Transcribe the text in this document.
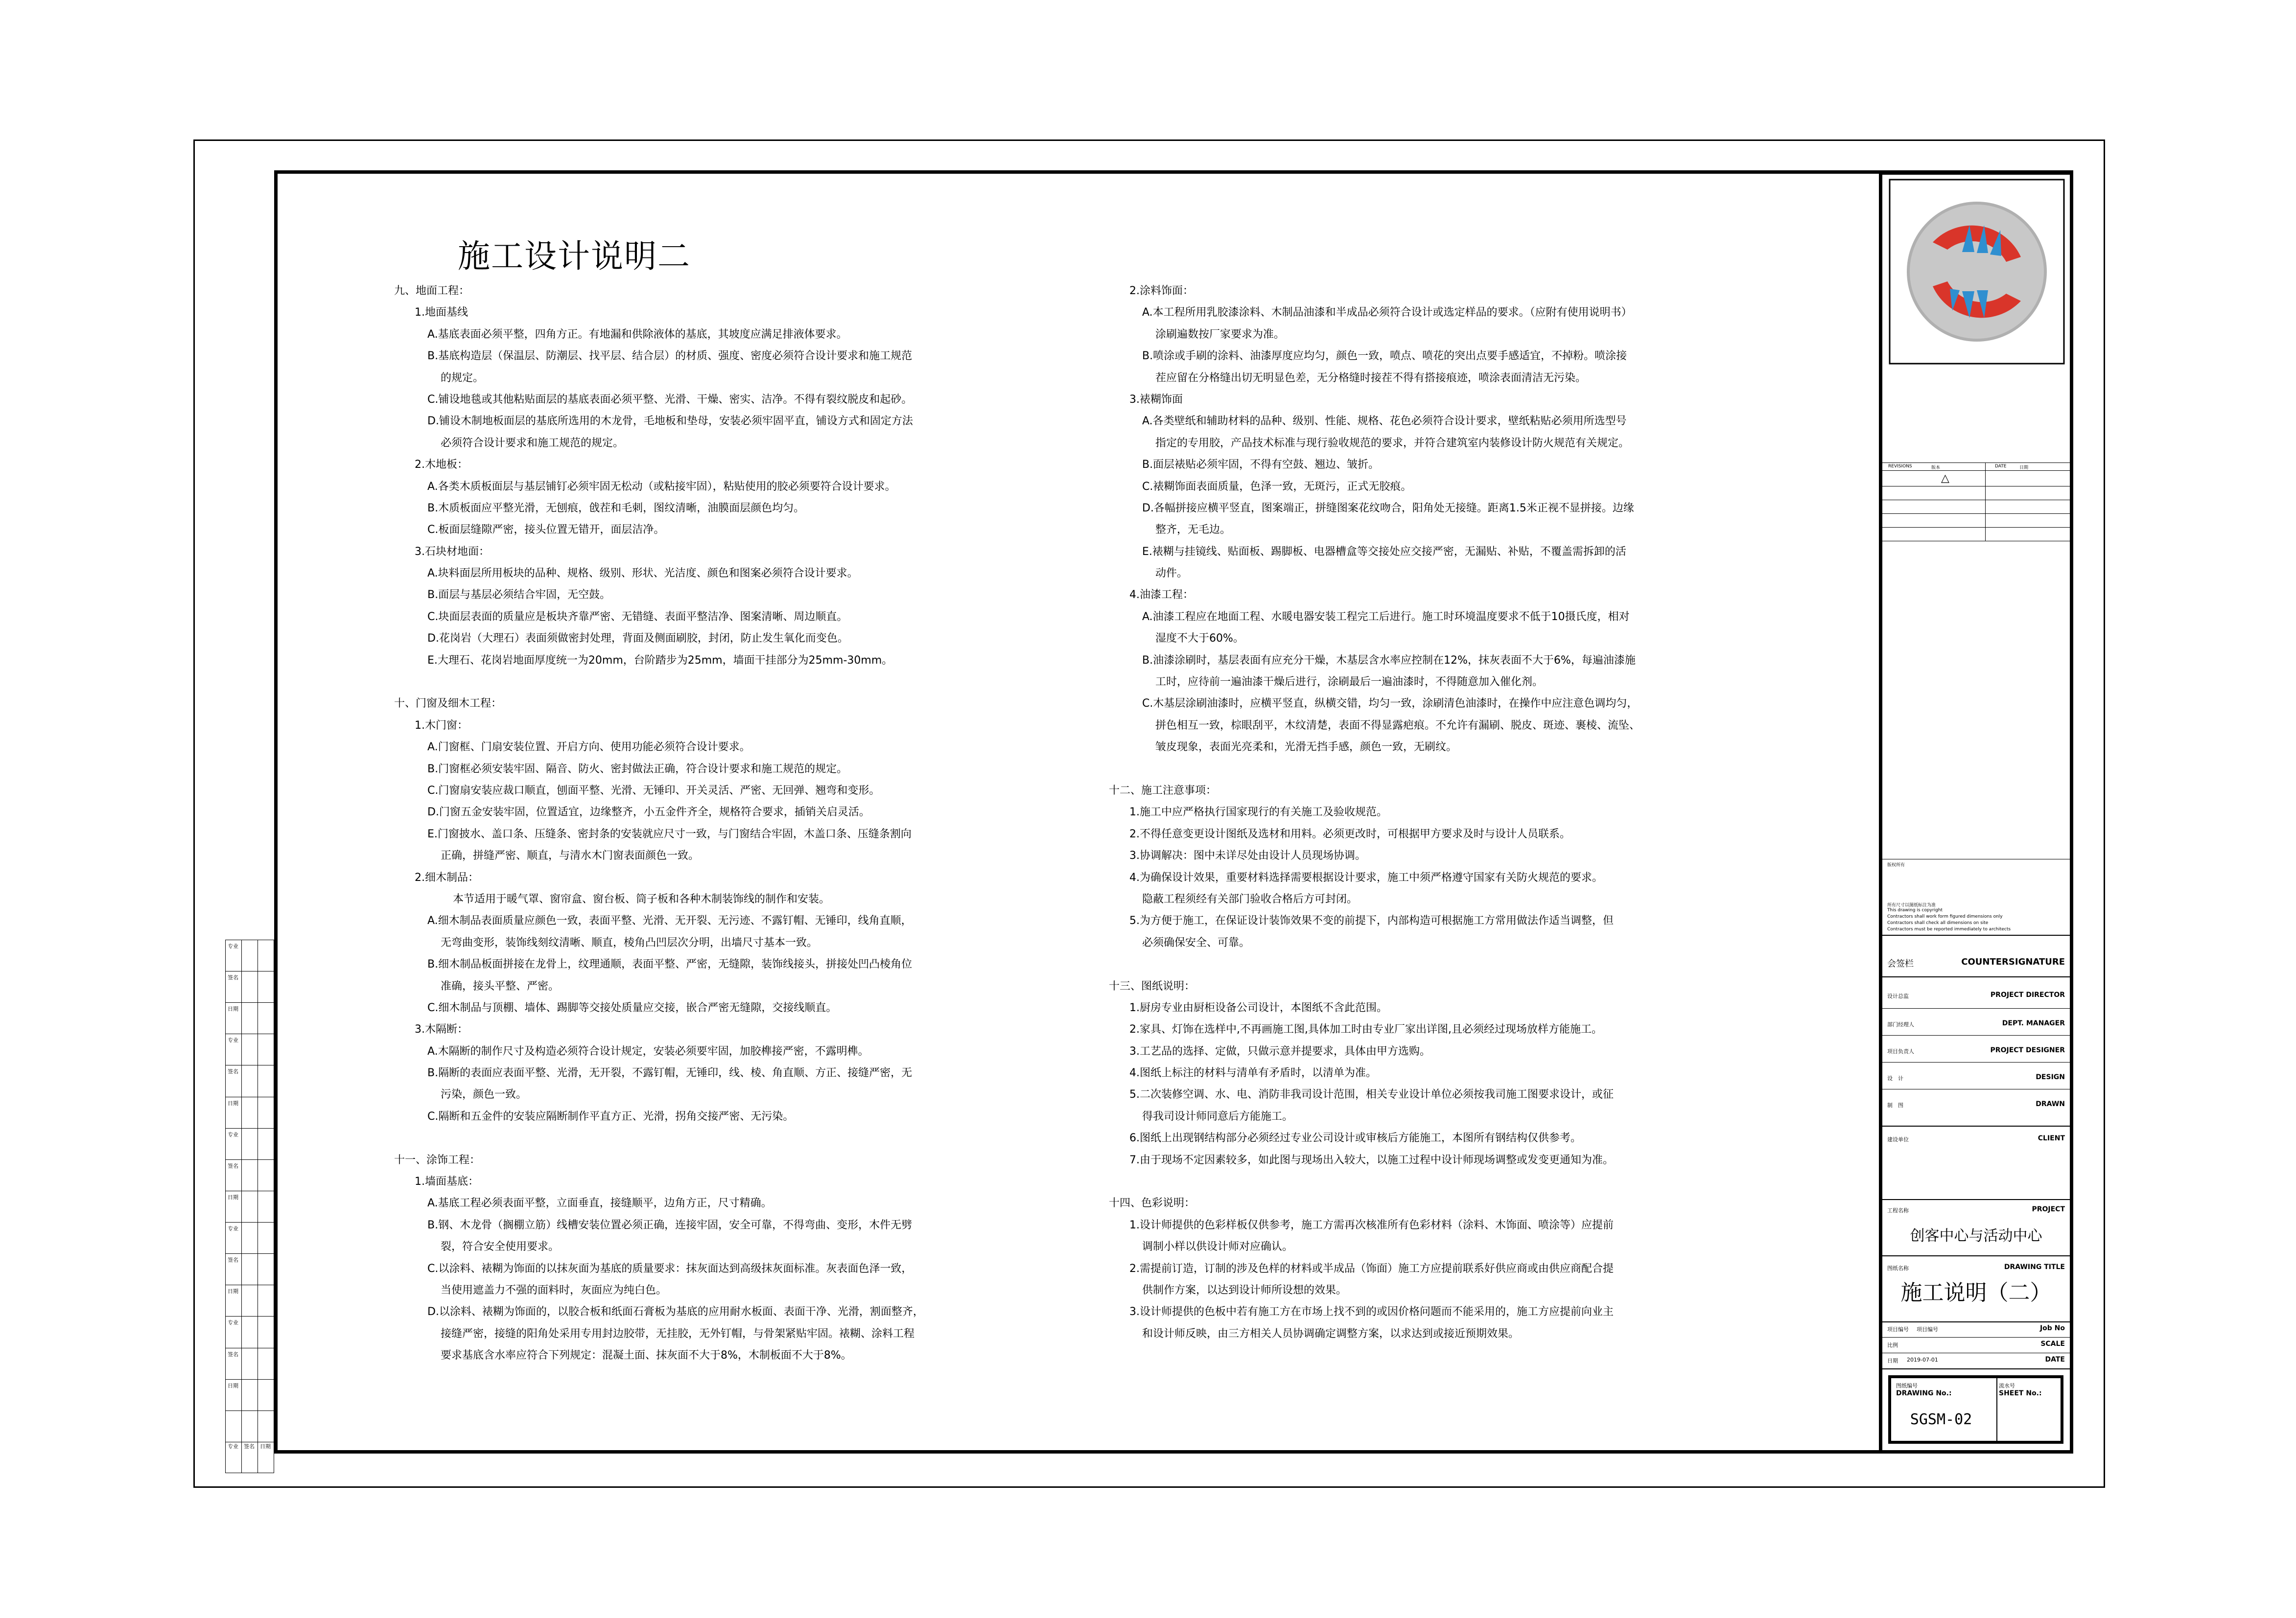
专业
签名
日期
专业
签名
日期
专业
签名
日期
专业
签名
日期
专业
签名
日期
专业 签名 日期
施工设计说明二
九、地面工程：
1.地面基线
A.基底表面必须平整，四角方正。有地漏和供除液体的基底，其坡度应满足排液体要求。
B.基底构造层（保温层、防潮层、找平层、结合层）的材质、强度、密度必须符合设计要求和施工规范
的规定。
C.铺设地毯或其他粘贴面层的基底表面必须平整、光滑、干燥、密实、洁净。不得有裂纹脱皮和起砂。
D.铺设木制地板面层的基底所选用的木龙骨，毛地板和垫母，安装必须牢固平直，铺设方式和固定方法
必须符合设计要求和施工规范的规定。
2.木地板：
A.各类木质板面层与基层铺钉必须牢固无松动（或粘接牢固），粘贴使用的胶必须要符合设计要求。
B.木质板面应平整光滑，无刨痕，戗茬和毛刺，图纹清晰，油膜面层颜色均匀。
C.板面层缝隙严密，接头位置无错开，面层洁净。
3.石块材地面：
A.块料面层所用板块的品种、规格、级别、形状、光洁度、颜色和图案必须符合设计要求。
B.面层与基层必须结合牢固，无空鼓。
C.块面层表面的质量应是板块齐靠严密、无错缝、表面平整洁净、图案清晰、周边顺直。
D.花岗岩（大理石）表面须做密封处理，背面及侧面刷胶，封闭，防止发生氧化而变色。
E.大理石、花岗岩地面厚度统一为20mm，台阶踏步为25mm，墙面干挂部分为25mm-30mm。
十、门窗及细木工程：
1.木门窗：
A.门窗框、门扇安装位置、开启方向、使用功能必须符合设计要求。
B.门窗框必须安装牢固、隔音、防火、密封做法正确，符合设计要求和施工规范的规定。
C.门窗扇安装应裁口顺直，刨面平整、光滑、无锤印、开关灵活、严密、无回弹、翘弯和变形。
D.门窗五金安装牢固，位置适宜，边缘整齐，小五金件齐全，规格符合要求，插销关启灵活。
E.门窗披水、盖口条、压缝条、密封条的安装就应尺寸一致，与门窗结合牢固，木盖口条、压缝条割向
正确，拼缝严密、顺直，与清水木门窗表面颜色一致。
2.细木制品：
本节适用于暖气罩、窗帘盒、窗台板、筒子板和各种木制装饰线的制作和安装。
A.细木制品表面质量应颜色一致，表面平整、光滑、无开裂、无污迹、不露钉帽、无锤印，线角直顺，
无弯曲变形，装饰线刻纹清晰、顺直，棱角凸凹层次分明，出墙尺寸基本一致。
B.细木制品板面拼接在龙骨上，纹理通顺，表面平整、严密，无缝隙，装饰线接头，拼接处凹凸棱角位
准确，接头平整、严密。
C.细木制品与顶棚、墙体、踢脚等交接处质量应交接，嵌合严密无缝隙，交接线顺直。
3.木隔断：
A.木隔断的制作尺寸及构造必须符合设计规定，安装必须要牢固，加胶榫接严密，不露明榫。
B.隔断的表面应表面平整、光滑，无开裂，不露钉帽，无锤印，线、棱、角直顺、方正、接缝严密，无
污染，颜色一致。
C.隔断和五金件的安装应隔断制作平直方正、光滑，拐角交接严密、无污染。
十一、涂饰工程：
1.墙面基底：
A.基底工程必须表面平整，立面垂直，接缝顺平，边角方正，尺寸精确。
B.钢、木龙骨（搁棚立筋）线槽安装位置必须正确，连接牢固，安全可靠，不得弯曲、变形，木件无劈
裂，符合安全使用要求。
C.以涂料、裱糊为饰面的以抹灰面为基底的质量要求：抹灰面达到高级抹灰面标准。灰表面色泽一致，
当使用遮盖力不强的面料时，灰面应为纯白色。
D.以涂料、裱糊为饰面的，以胶合板和纸面石膏板为基底的应用耐水板面、表面干净、光滑，割面整齐，
接缝严密，接缝的阳角处采用专用封边胶带，无挂胶，无外钉帽，与骨架紧贴牢固。裱糊、涂料工程
要求基底含水率应符合下列规定：混凝土面、抹灰面不大于8%，木制板面不大于8%。
2.涂料饰面：
A.本工程所用乳胶漆涂料、木制品油漆和半成品必须符合设计或选定样品的要求。（应附有使用说明书）
涂刷遍数按厂家要求为准。
B.喷涂或手刷的涂料、油漆厚度应均匀，颜色一致，喷点、喷花的突出点要手感适宜，不掉粉。喷涂接
茬应留在分格缝出切无明显色差，无分格缝时接茬不得有搭接痕迹，喷涂表面清洁无污染。
3.裱糊饰面
A.各类壁纸和辅助材料的品种、级别、性能、规格、花色必须符合设计要求，壁纸粘贴必须用所选型号
指定的专用胶，产品技术标准与现行验收规范的要求，并符合建筑室内装修设计防火规范有关规定。
B.面层裱贴必须牢固，不得有空鼓、翘边、皱折。
C.裱糊饰面表面质量，色泽一致，无斑污，正式无胶痕。
D.各幅拼接应横平竖直，图案端正，拼缝图案花纹吻合，阳角处无接缝。距离1.5米正视不显拼接。边缘
整齐，无毛边。
E.裱糊与挂镜线、贴面板、踢脚板、电器槽盒等交接处应交接严密，无漏贴、补贴，不覆盖需拆卸的活
动件。
4.油漆工程：
A.油漆工程应在地面工程、水暖电器安装工程完工后进行。施工时环境温度要求不低于10摄氏度，相对
湿度不大于60%。
B.油漆涂刷时，基层表面有应充分干燥，木基层含水率应控制在12%，抹灰表面不大于6%，每遍油漆施
工时，应待前一遍油漆干燥后进行，涂刷最后一遍油漆时，不得随意加入催化剂。
C.木基层涂刷油漆时，应横平竖直，纵横交错，均匀一致，涂刷清色油漆时，在操作中应注意色调均匀，
拼色相互一致，棕眼刮平，木纹清楚，表面不得显露疤痕。不允许有漏刷、脱皮、斑迹、裹棱、流坠、
皱皮现象，表面光亮柔和，光滑无挡手感，颜色一致，无刷纹。
十二、施工注意事项：
1.施工中应严格执行国家现行的有关施工及验收规范。
2.不得任意变更设计图纸及选材和用料。必须更改时，可根据甲方要求及时与设计人员联系。
3.协调解决：图中未详尽处由设计人员现场协调。
4.为确保设计效果，重要材料选择需要根据设计要求，施工中须严格遵守国家有关防火规范的要求。
隐蔽工程须经有关部门验收合格后方可封闭。
5.为方便于施工，在保证设计装饰效果不变的前提下，内部构造可根据施工方常用做法作适当调整，但
必须确保安全、可靠。
十三、图纸说明：
1.厨房专业由厨柜设备公司设计，本图纸不含此范围。
2.家具、灯饰在选样中,不再画施工图,具体加工时由专业厂家出详图,且必须经过现场放样方能施工。
3.工艺品的选择、定做，只做示意并提要求，具体由甲方选购。
4.图纸上标注的材料与清单有矛盾时，以清单为准。
5.二次装修空调、水、电、消防非我司设计范围，相关专业设计单位必须按我司施工图要求设计，或征
得我司设计师同意后方能施工。
6.图纸上出现钢结构部分必须经过专业公司设计或审核后方能施工，本图所有钢结构仅供参考。
7.由于现场不定因素较多，如此图与现场出入较大，以施工过程中设计师现场调整或发变更通知为准。
十四、色彩说明：
1.设计师提供的色彩样板仅供参考，施工方需再次核准所有色彩材料（涂料、木饰面、喷涂等）应提前
调制小样以供设计师对应确认。
2.需提前订造，订制的涉及色样的材料或半成品（饰面）施工方应提前联系好供应商或由供应商配合提
供制作方案，以达到设计师所设想的效果。
3.设计师提供的色板中若有施工方在市场上找不到的或因价格问题而不能采用的，施工方应提前向业主
和设计师反映，由三方相关人员协调确定调整方案，以求达到或接近预期效果。
REVISIONS	版本	DATE	日期
△
版权所有
所有尺寸以图纸标注为准
This drawing is copyright
Contractors shall work form figured dimensions only
Contractors shall check all dimensions on site
Contractors must be reported immediately to architects
会签栏	COUNTERSIGNATURE
设计总监	PROJECT DIRECTOR
部门经理人	DEPT. MANAGER
项目负责人	PROJECT DESIGNER
设　计	DESIGN
制　图	DRAWN
建设单位	CLIENT
工程名称	PROJECT
创客中心与活动中心
图纸名称	DRAWING TITLE
施工说明（二）
项目编号 项目编号	Job No
比例	SCALE
日期 2019-07-01	DATE
图纸编号
DRAWING No.:
流水号
SHEET No.:
SGSM-02
